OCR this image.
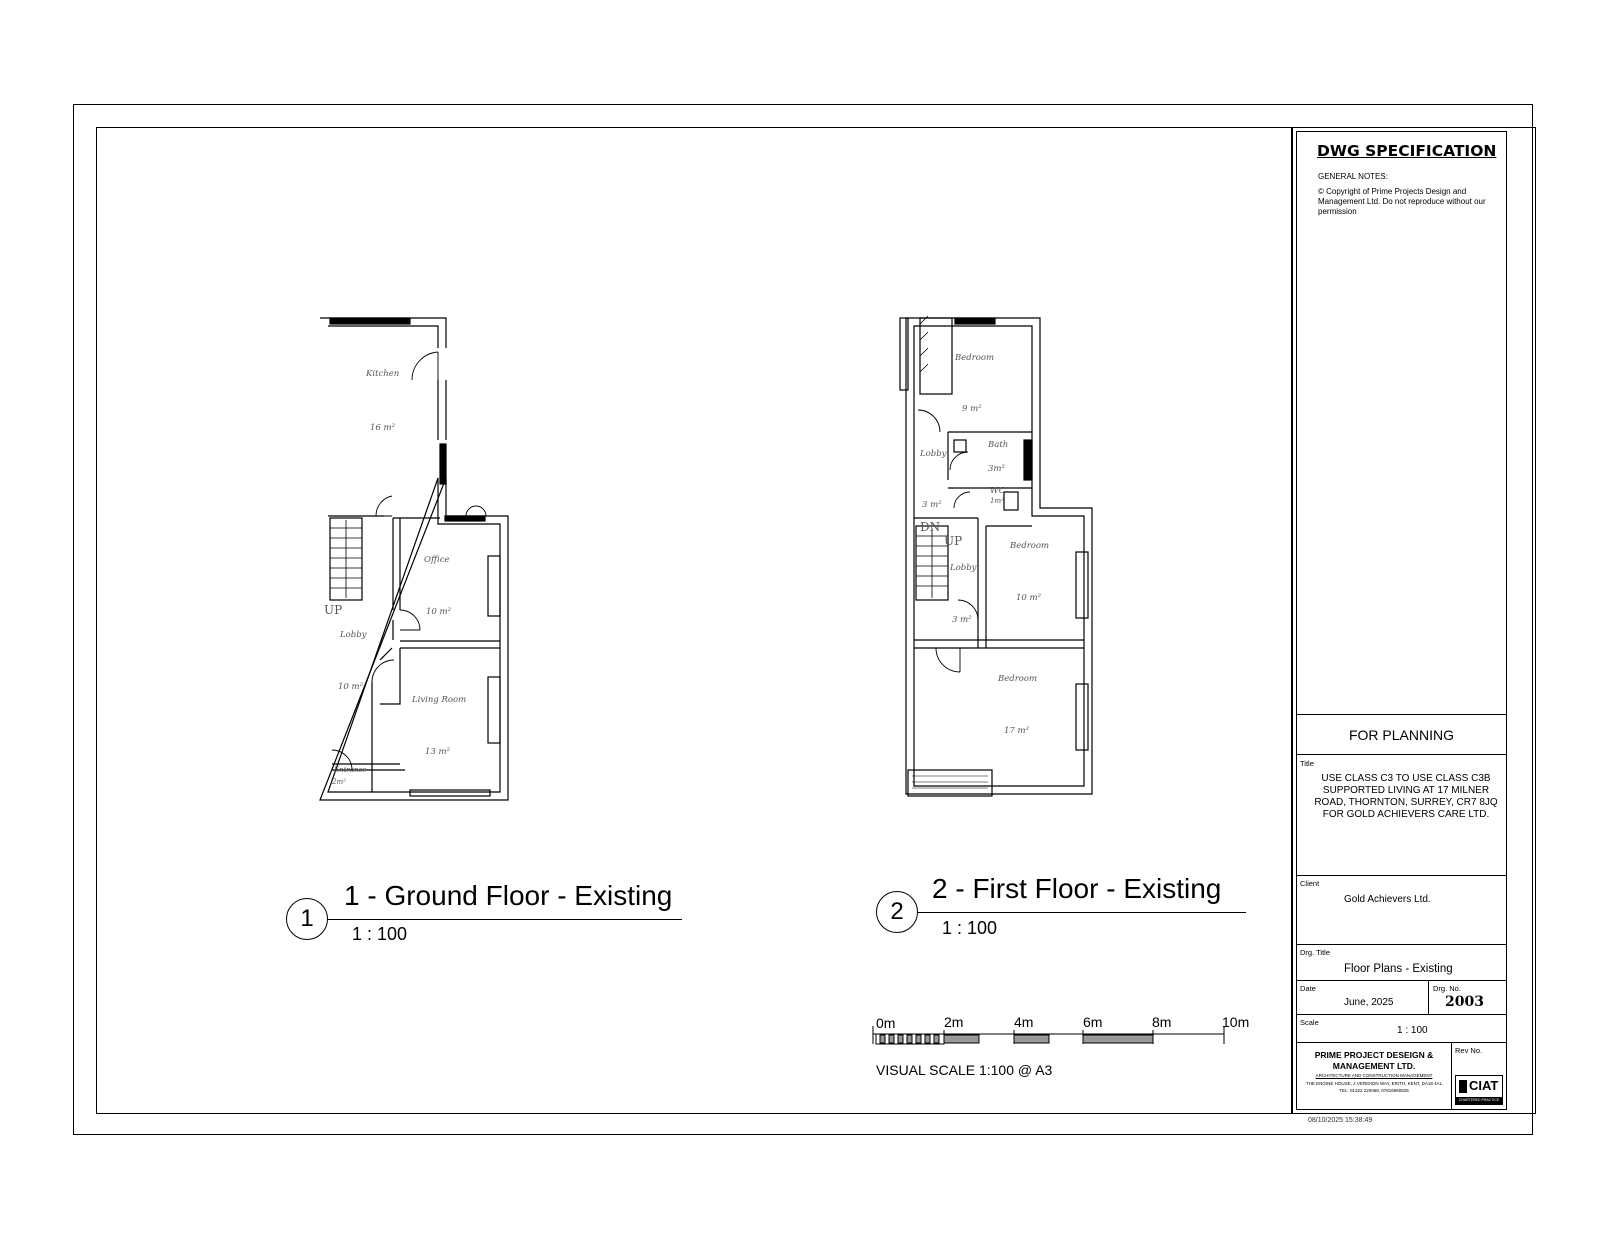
DWG SPECIFICATION
GENERAL NOTES:
© Copyright of Prime Projects Design and Management Ltd. Do not reproduce without our permission
FOR PLANNING
Title
USE CLASS C3 TO USE CLASS C3B SUPPORTED LIVING AT 17 MILNER ROAD, THORNTON, SURREY, CR7 8JQ FOR GOLD ACHIEVERS CARE LTD.
Client
Gold Achievers Ltd.
Drg. Title
Floor Plans - Existing
Date
June, 2025
Drg. No.
2003
Scale
1 : 100
PRIME PROJECT DESEIGN & MANAGEMENT LTD.
ARCHITECTURE AND CONSTRUCTION MANAGEMENT
THE ENGINE HOUSE, 2 VERIDION WAY, ERITH, KENT, DA18 4AL
TEL: 01322 220068, 07816960825
Rev No.
CIAT
CHARTERED PRACTICE
08/10/2025 15:38:49
Kitchen
16 m²
Office
10 m²
Lobby
10 m²
Living Room
13 m²
Entrance
2m²
UP
Bedroom
9 m²
Bath
3m²
Lobby
3 m²
WC
1m²
Bedroom
10 m²
Lobby
3 m²
Bedroom
17 m²
DN
UP
1
1 - Ground Floor - Existing
1 : 100
2
2 - First Floor - Existing
1 : 100
0m	2m	4m	6m	8m	10m
VISUAL SCALE 1:100 @ A3
